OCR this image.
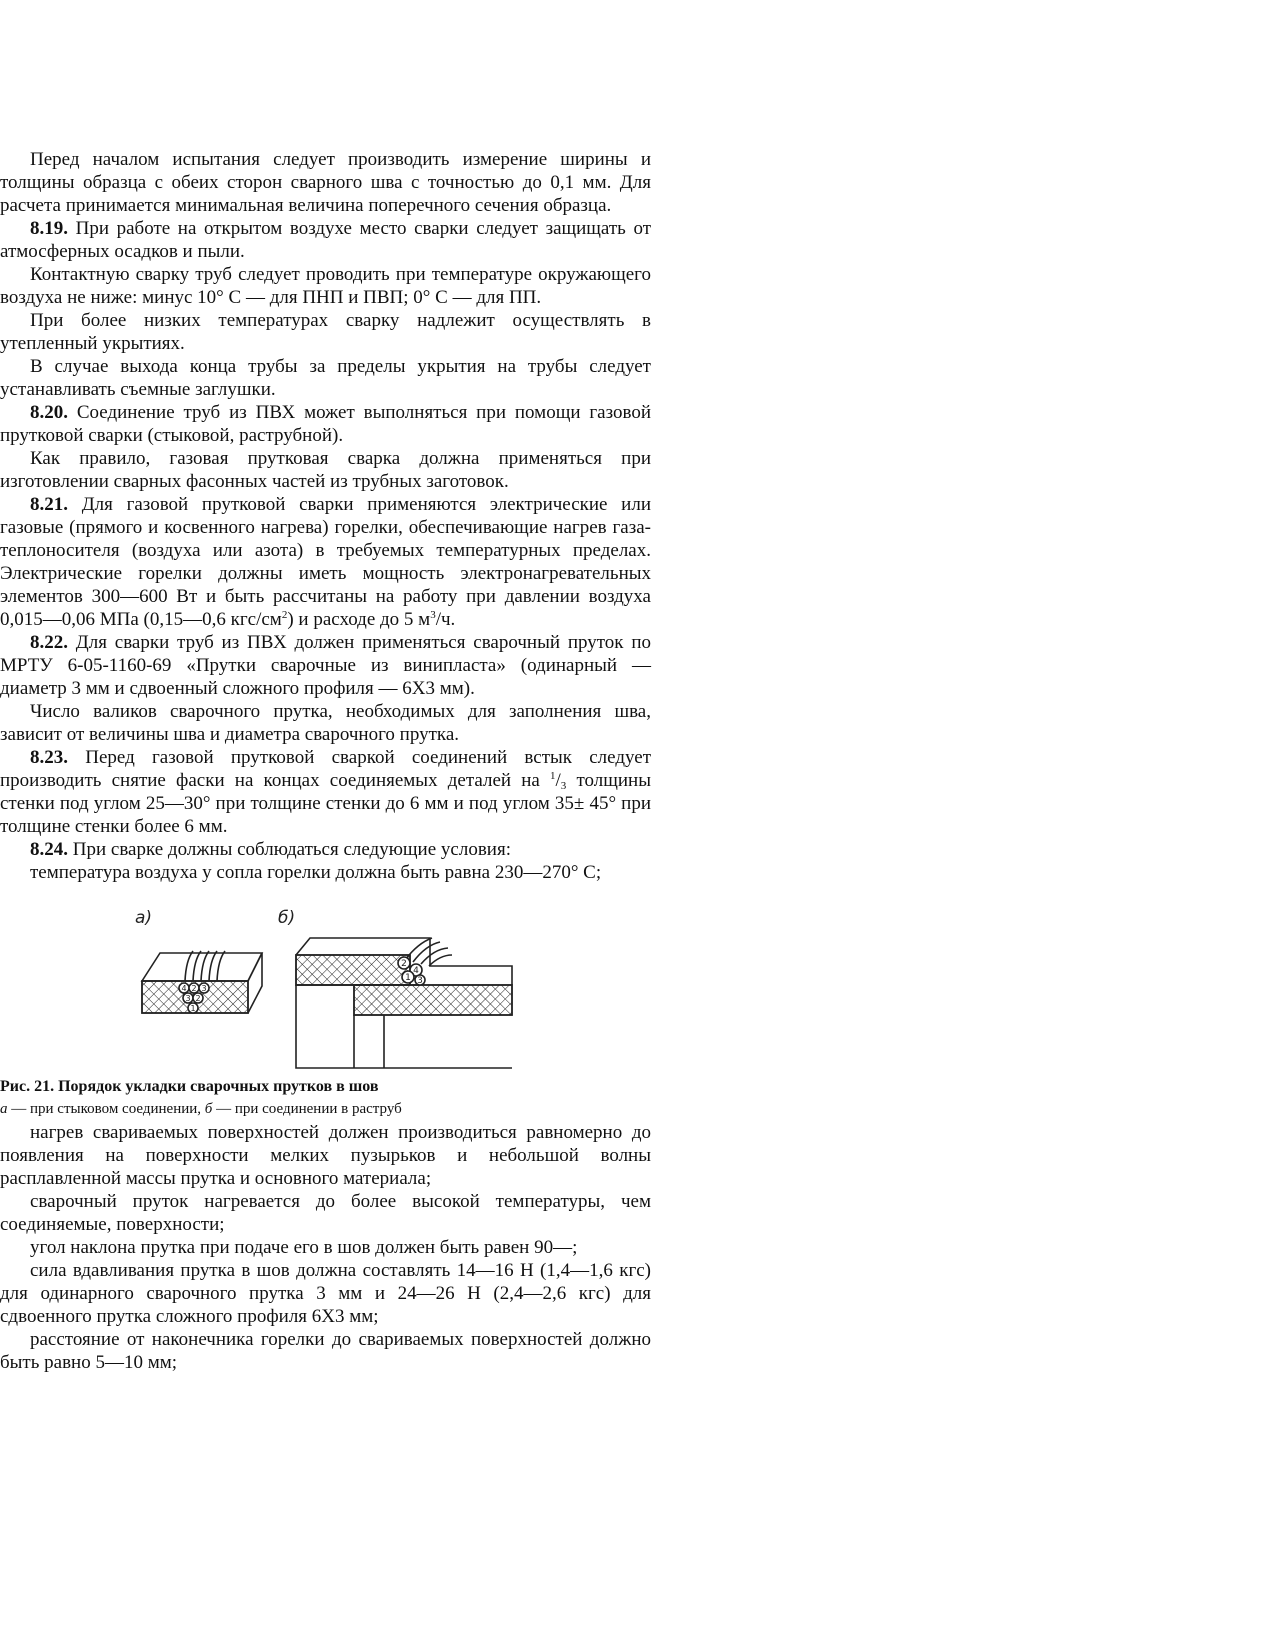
Перед началом испытания следует производить измерение ширины и толщины образца с обеих сторон сварного шва с точностью до 0,1 мм. Для расчета принимается минимальная величина поперечного сечения образца.

8.19. При работе на открытом воздухе место сварки следует защищать от атмосферных осадков и пыли.

Контактную сварку труб следует проводить при температуре окружающего воздуха не ниже: минус 10° С — для ПНП и ПВП; 0° С — для ПП.

При более низких температурах сварку надлежит осуществлять в утепленный укрытиях.

В случае выхода конца трубы за пределы укрытия на трубы следует устанавливать съемные заглушки.

8.20. Соединение труб из ПВХ может выполняться при помощи газовой прутковой сварки (стыковой, раструбной).

Как правило, газовая прутковая сварка должна применяться при изготовлении сварных фасонных частей из трубных заготовок.

8.21. Для газовой прутковой сварки применяются электрические или газовые (прямого и косвенного нагрева) горелки, обеспечивающие нагрев газа-теплоносителя (воздуха или азота) в требуемых температурных пределах. Электрические горелки должны иметь мощность электронагревательных элементов 300—600 Вт и быть рассчитаны на работу при давлении воздуха 0,015—0,06 МПа (0,15—0,6 кгс/$см^2$) и расходе до 5 $м^3/ч$.

8.22. Для сварки труб из ПВХ должен применяться сварочный пруток по МРТУ 6-05-1160-69 «Прутки сварочные из винипласта» (одинарный — диаметр 3 мм и сдвоенный сложного профиля — 6Х3 мм).

Число валиков сварочного прутка, необходимых для заполнения шва, зависит от величины шва и диаметра сварочного прутка.

8.23. Перед газовой прутковой сваркой соединений встык следует производить снятие фаски на концах соединяемых деталей на $^1/_3$ толщины стенки под углом 25—30° при толщине стенки до 6 мм и под углом 35± 45° при толщине стенки более 6 мм.

8.24. При сварке должны соблюдаться следующие условия:

температура воздуха у сопла горелки должна быть равна 230—270° С;

а)	б)
4 2 3
3 2
1
2
4
1 3

Рис. 21. Порядок укладки сварочных прутков в шов

а — при стыковом соединении, б — при соединении в раструб

нагрев свариваемых поверхностей должен производиться равномерно до появления на поверхности мелких пузырьков и небольшой волны расплавленной массы прутка и основного материала;

сварочный пруток нагревается до более высокой температуры, чем соединяемые, поверхности;

угол наклона прутка при подаче его в шов должен быть равен 90—;

сила вдавливания прутка в шов должна составлять 14—16 Н (1,4—1,6 кгс) для одинарного сварочного прутка 3 мм и 24—26 Н (2,4—2,6 кгс) для сдвоенного прутка сложного профиля 6Х3 мм;

расстояние от наконечника горелки до свариваемых поверхностей должно быть равно 5—10 мм;
